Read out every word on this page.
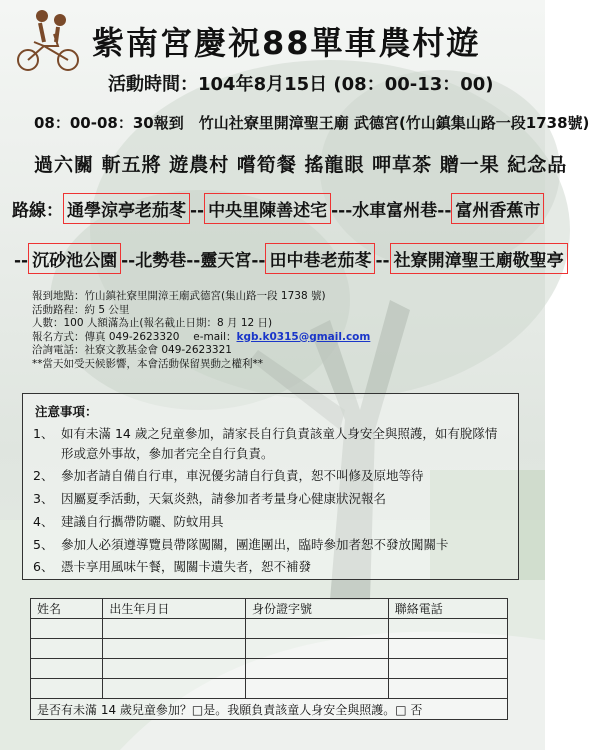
紫南宮慶祝88單車農村遊
活動時間：104年8月15日 (08：00-13：00)
08：00-08：30報到　竹山社寮里開漳聖王廟 武德宮(竹山鎮集山路一段1738號)
過六關 斬五將 遊農村 嚐筍餐 搖龍眼 呷草茶 贈一果 紀念品
路線： 通學涼亭老茄苳 -- 中央里陳善述宅 ---水車富州巷-- 富州香蕉市
-- 沉砂池公園 --北勢巷--靈天宮-- 田中巷老茄苳 -- 社寮開漳聖王廟敬聖亭
報到地點：竹山鎮社寮里開漳王廟武德宮(集山路一段 1738 號)
活動路程：約 5 公里
人數：100 人額滿為止(報名截止日期：8 月 12 日)
報名方式：傳真 049-2623320　 e-mail：kgb.k0315@gmail.com
洽詢電話：社寮文教基金會 049-2623321
**當天如受天候影響，本會活動保留異動之權利**
注意事項：
1、 如有未滿 14 歲之兒童參加，請家長自行負責該童人身安全與照護，如有脫隊情形或意外事故，參加者完全自行負責。
2、 參加者請自備自行車，車況優劣請自行負責，恕不叫修及原地等待
3、 因屬夏季活動，天氣炎熱，請參加者考量身心健康狀況報名
4、 建議自行攜帶防曬、防蚊用具
5、 參加人必須遵導覽員帶隊闖關，團進團出，臨時參加者恕不發放闖關卡
6、 憑卡享用風味午餐，闖關卡遺失者，恕不補發
姓名	出生年月日	身份證字號	聯絡電話

是否有未滿 14 歲兒童參加？□是。我願負責該童人身安全與照護。□ 否			
